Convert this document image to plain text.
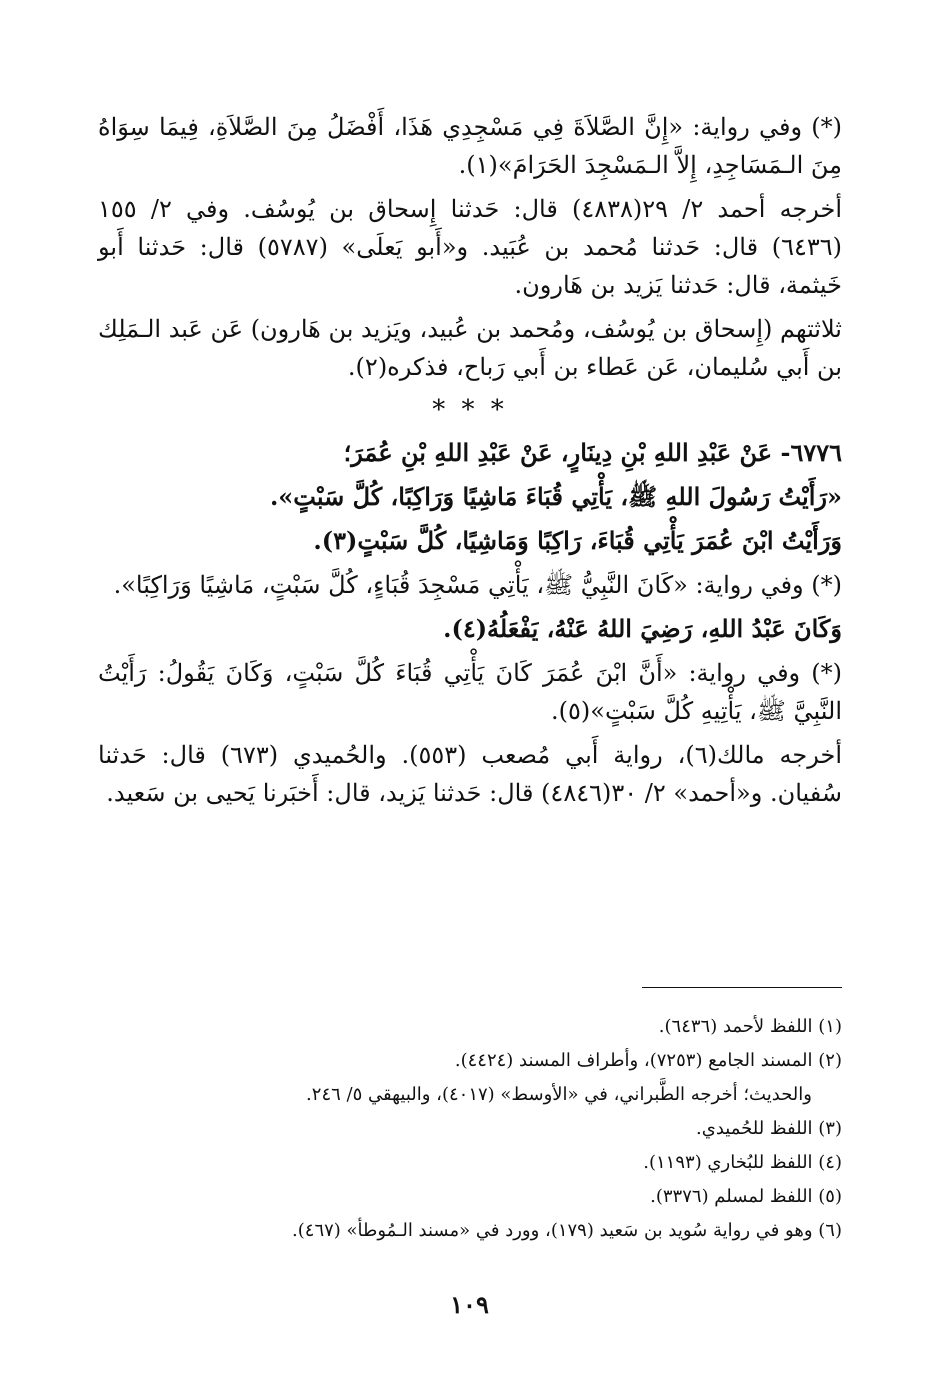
(*) وفي رواية: «إِنَّ الصَّلاَةَ فِي مَسْجِدِي هَذَا، أَفْضَلُ مِنَ الصَّلاَةِ، فِيمَا سِوَاهُ مِنَ الـمَسَاجِدِ، إِلاَّ الـمَسْجِدَ الحَرَامَ»(١).

أخرجه أحمد ٢/ ٢٩(٤٨٣٨) قال: حَدثنا إِسحاق بن يُوسُف. وفي ٢/ ١٥٥ (٦٤٣٦) قال: حَدثنا مُحمد بن عُبَيد. و«أَبو يَعلَى» (٥٧٨٧) قال: حَدثنا أَبو خَيثمة، قال: حَدثنا يَزيد بن هَارون.

ثلاثتهم (إِسحاق بن يُوسُف، ومُحمد بن عُبيد، ويَزيد بن هَارون) عَن عَبد الـمَلِك بن أَبي سُليمان، عَن عَطاء بن أَبي رَباح، فذكره(٢).

* * *

٦٧٧٦- عَنْ عَبْدِ اللهِ بْنِ دِينَارٍ، عَنْ عَبْدِ اللهِ بْنِ عُمَرَ؛

«رَأَيْتُ رَسُولَ اللهِ ﷺ، يَأْتِي قُبَاءَ مَاشِيًا وَرَاكِبًا، كُلَّ سَبْتٍ».

وَرَأَيْتُ ابْنَ عُمَرَ يَأْتِي قُبَاءَ، رَاكِبًا وَمَاشِيًا، كُلَّ سَبْتٍ(٣).

(*) وفي رواية: «كَانَ النَّبِيُّ ﷺ، يَأْتِي مَسْجِدَ قُبَاءٍ، كُلَّ سَبْتٍ، مَاشِيًا وَرَاكِبًا».

وَكَانَ عَبْدُ اللهِ، رَضِيَ اللهُ عَنْهُ، يَفْعَلُهُ(٤).

(*) وفي رواية: «أَنَّ ابْنَ عُمَرَ كَانَ يَأْتِي قُبَاءَ كُلَّ سَبْتٍ، وَكَانَ يَقُولُ: رَأَيْتُ النَّبِيَّ ﷺ، يَأْتِيهِ كُلَّ سَبْتٍ»(٥).

أخرجه مالك(٦)، رواية أَبي مُصعب (٥٥٣). والحُميدي (٦٧٣) قال: حَدثنا سُفيان. و«أحمد» ٢/ ٣٠(٤٨٤٦) قال: حَدثنا يَزيد، قال: أَخبَرنا يَحيى بن سَعيد.

(١) اللفظ لأحمد (٦٤٣٦).
(٢) المسند الجامع (٧٢٥٣)، وأطراف المسند (٤٤٢٤).
والحديث؛ أخرجه الطَّبراني، في «الأوسط» (٤٠١٧)، والبيهقي ٥/ ٢٤٦.
(٣) اللفظ للحُميدي.
(٤) اللفظ للبُخاري (١١٩٣).
(٥) اللفظ لمسلم (٣٣٧٦).
(٦) وهو في رواية سُويد بن سَعيد (١٧٩)، وورد في «مسند الـمُوطأ» (٤٦٧).
١٠٩
